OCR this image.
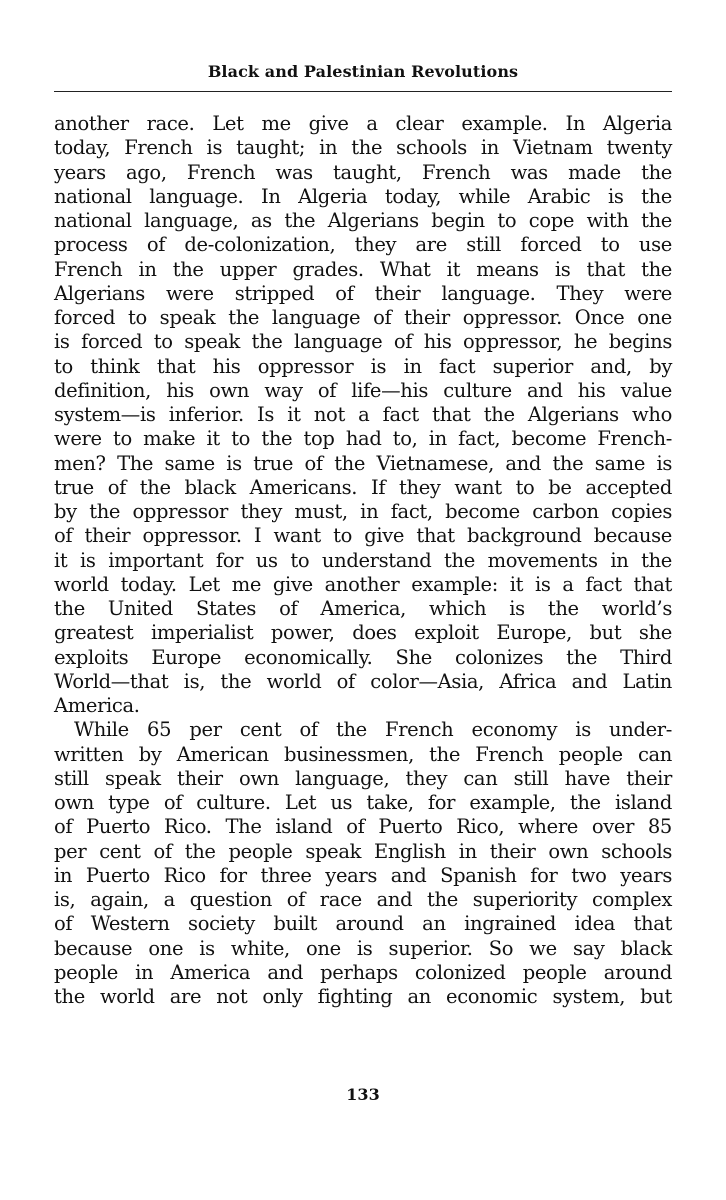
Black and Palestinian Revolutions
another race. Let me give a clear example. In Algeria
today, French is taught; in the schools in Vietnam twenty
years ago, French was taught, French was made the
national language. In Algeria today, while Arabic is the
national language, as the Algerians begin to cope with the
process of de-colonization, they are still forced to use
French in the upper grades. What it means is that the
Algerians were stripped of their language. They were
forced to speak the language of their oppressor. Once one
is forced to speak the language of his oppressor, he begins
to think that his oppressor is in fact superior and, by
definition, his own way of life—his culture and his value
system—is inferior. Is it not a fact that the Algerians who
were to make it to the top had to, in fact, become French-
men? The same is true of the Vietnamese, and the same is
true of the black Americans. If they want to be accepted
by the oppressor they must, in fact, become carbon copies
of their oppressor. I want to give that background because
it is important for us to understand the movements in the
world today. Let me give another example: it is a fact that
the United States of America, which is the world’s
greatest imperialist power, does exploit Europe, but she
exploits Europe economically. She colonizes the Third
World—that is, the world of color—Asia, Africa and Latin
America.
While 65 per cent of the French economy is under-
written by American businessmen, the French people can
still speak their own language, they can still have their
own type of culture. Let us take, for example, the island
of Puerto Rico. The island of Puerto Rico, where over 85
per cent of the people speak English in their own schools
in Puerto Rico for three years and Spanish for two years
is, again, a question of race and the superiority complex
of Western society built around an ingrained idea that
because one is white, one is superior. So we say black
people in America and perhaps colonized people around
the world are not only fighting an economic system, but
133
